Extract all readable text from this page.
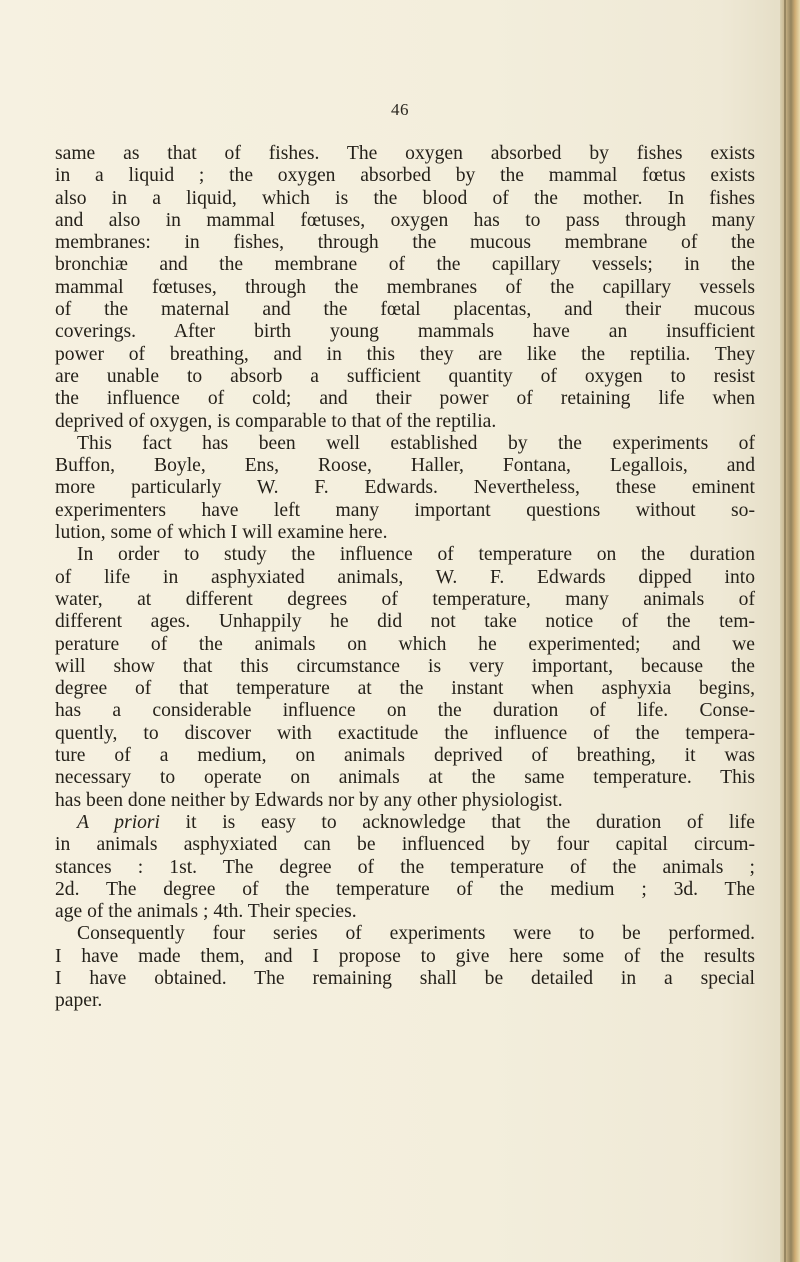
46
same as that of fishes. The oxygen absorbed by fishes exists
in a liquid ; the oxygen absorbed by the mammal fœtus exists
also in a liquid, which is the blood of the mother. In fishes
and also in mammal fœtuses, oxygen has to pass through many
membranes: in fishes, through the mucous membrane of the
bronchiæ and the membrane of the capillary vessels; in the
mammal fœtuses, through the membranes of the capillary vessels
of the maternal and the fœtal placentas, and their mucous
coverings. After birth young mammals have an insufficient
power of breathing, and in this they are like the reptilia. They
are unable to absorb a sufficient quantity of oxygen to resist
the influence of cold; and their power of retaining life when
deprived of oxygen, is comparable to that of the reptilia.
This fact has been well established by the experiments of
Buffon, Boyle, Ens, Roose, Haller, Fontana, Legallois, and
more particularly W. F. Edwards. Nevertheless, these eminent
experimenters have left many important questions without so-
lution, some of which I will examine here.
In order to study the influence of temperature on the duration
of life in asphyxiated animals, W. F. Edwards dipped into
water, at different degrees of temperature, many animals of
different ages. Unhappily he did not take notice of the tem-
perature of the animals on which he experimented; and we
will show that this circumstance is very important, because the
degree of that temperature at the instant when asphyxia begins,
has a considerable influence on the duration of life. Conse-
quently, to discover with exactitude the influence of the tempera-
ture of a medium, on animals deprived of breathing, it was
necessary to operate on animals at the same temperature. This
has been done neither by Edwards nor by any other physiologist.
A priori it is easy to acknowledge that the duration of life
in animals asphyxiated can be influenced by four capital circum-
stances : 1st. The degree of the temperature of the animals ;
2d. The degree of the temperature of the medium ; 3d. The
age of the animals ; 4th. Their species.
Consequently four series of experiments were to be performed.
I have made them, and I propose to give here some of the results
I have obtained. The remaining shall be detailed in a special
paper.
